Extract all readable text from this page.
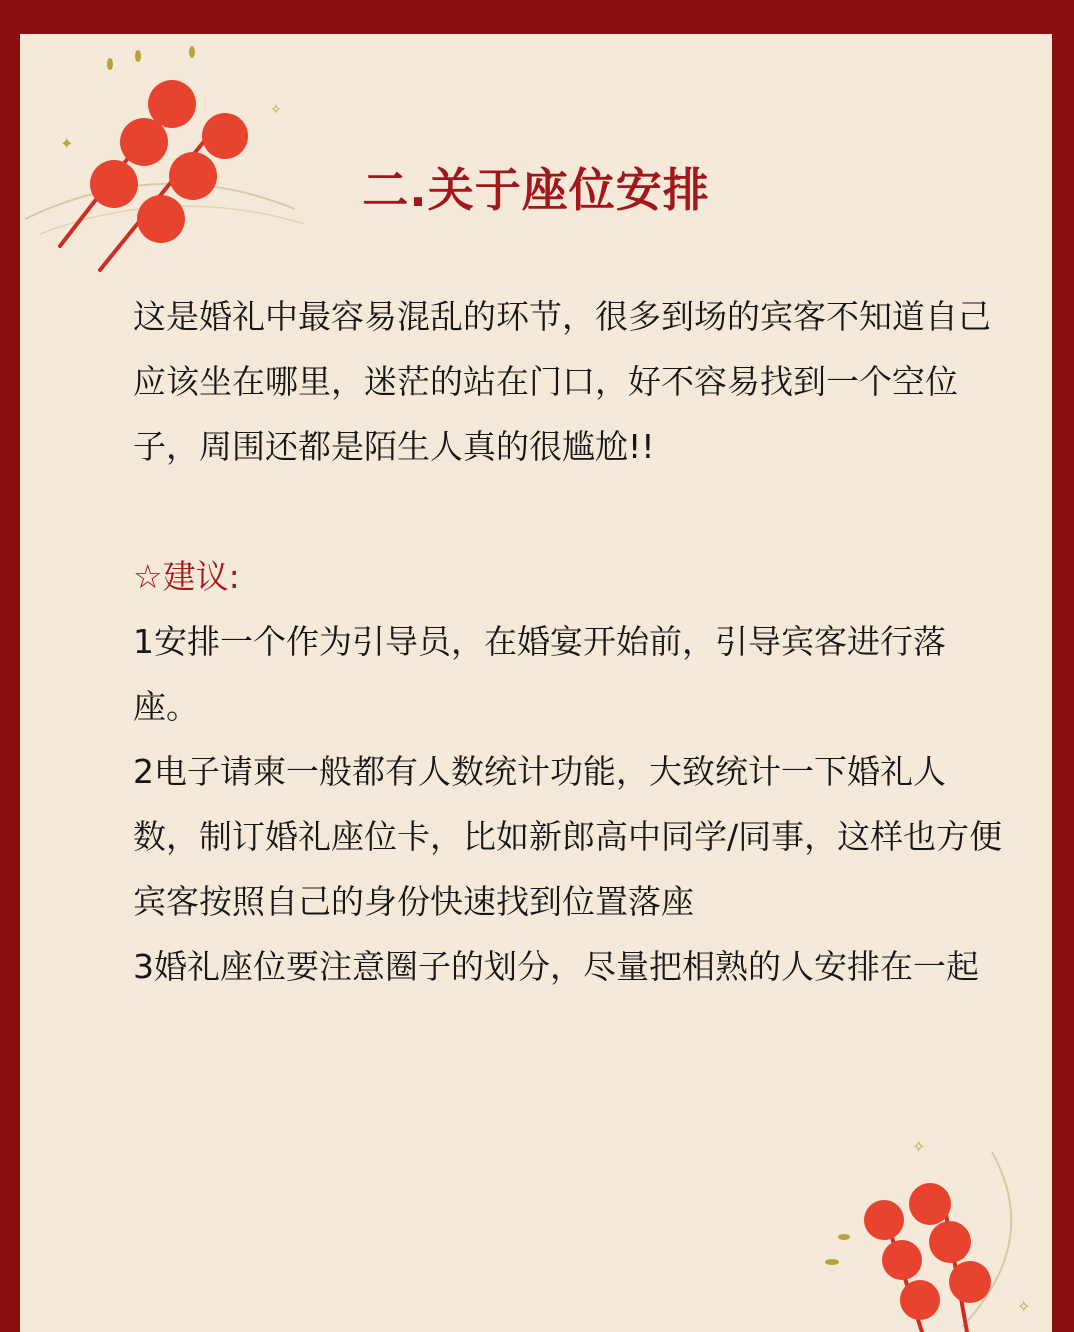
✦
✧
二.关于座位安排

这是婚礼中最容易混乱的环节，很多到场的宾客不知道自己应该坐在哪里，迷茫的站在门口，好不容易找到一个空位子，周围还都是陌生人真的很尴尬!!

☆建议:

1安排一个作为引导员，在婚宴开始前，引导宾客进行落座。

2电子请柬一般都有人数统计功能，大致统计一下婚礼人数，制订婚礼座位卡，比如新郎高中同学/同事，这样也方便宾客按照自己的身份快速找到位置落座

3婚礼座位要注意圈子的划分，尽量把相熟的人安排在一起

✧
✧
